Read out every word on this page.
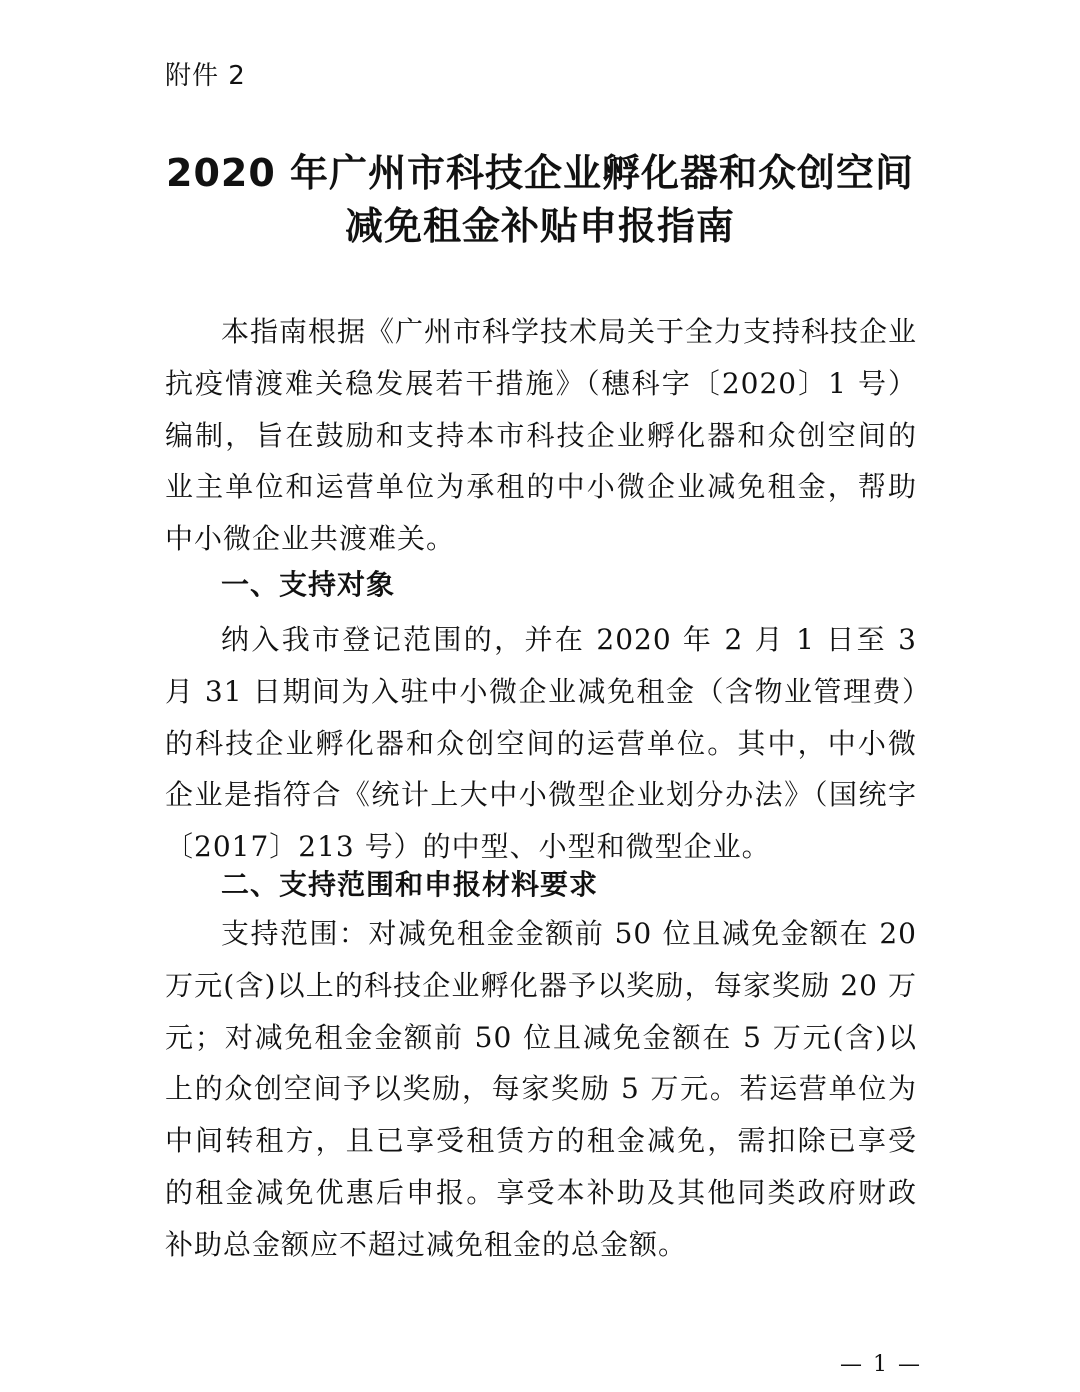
附件 2
2020 年广州市科技企业孵化器和众创空间
减免租金补贴申报指南
本指南根据《广州市科学技术局关于全力支持科技企业抗疫情渡难关稳发展若干措施》（穗科字〔2020〕1 号）编制，旨在鼓励和支持本市科技企业孵化器和众创空间的业主单位和运营单位为承租的中小微企业减免租金，帮助中小微企业共渡难关。
一、支持对象
纳入我市登记范围的，并在 2020 年 2 月 1 日至 3 月 31 日期间为入驻中小微企业减免租金（含物业管理费）的科技企业孵化器和众创空间的运营单位。其中，中小微企业是指符合《统计上大中小微型企业划分办法》（国统字〔2017〕213 号）的中型、小型和微型企业。
二、支持范围和申报材料要求
支持范围：对减免租金金额前 50 位且减免金额在 20 万元(含)以上的科技企业孵化器予以奖励，每家奖励 20 万元；对减免租金金额前 50 位且减免金额在 5 万元(含)以上的众创空间予以奖励，每家奖励 5 万元。若运营单位为中间转租方，且已享受租赁方的租金减免，需扣除已享受的租金减免优惠后申报。享受本补助及其他同类政府财政补助总金额应不超过减免租金的总金额。
— 1 —
